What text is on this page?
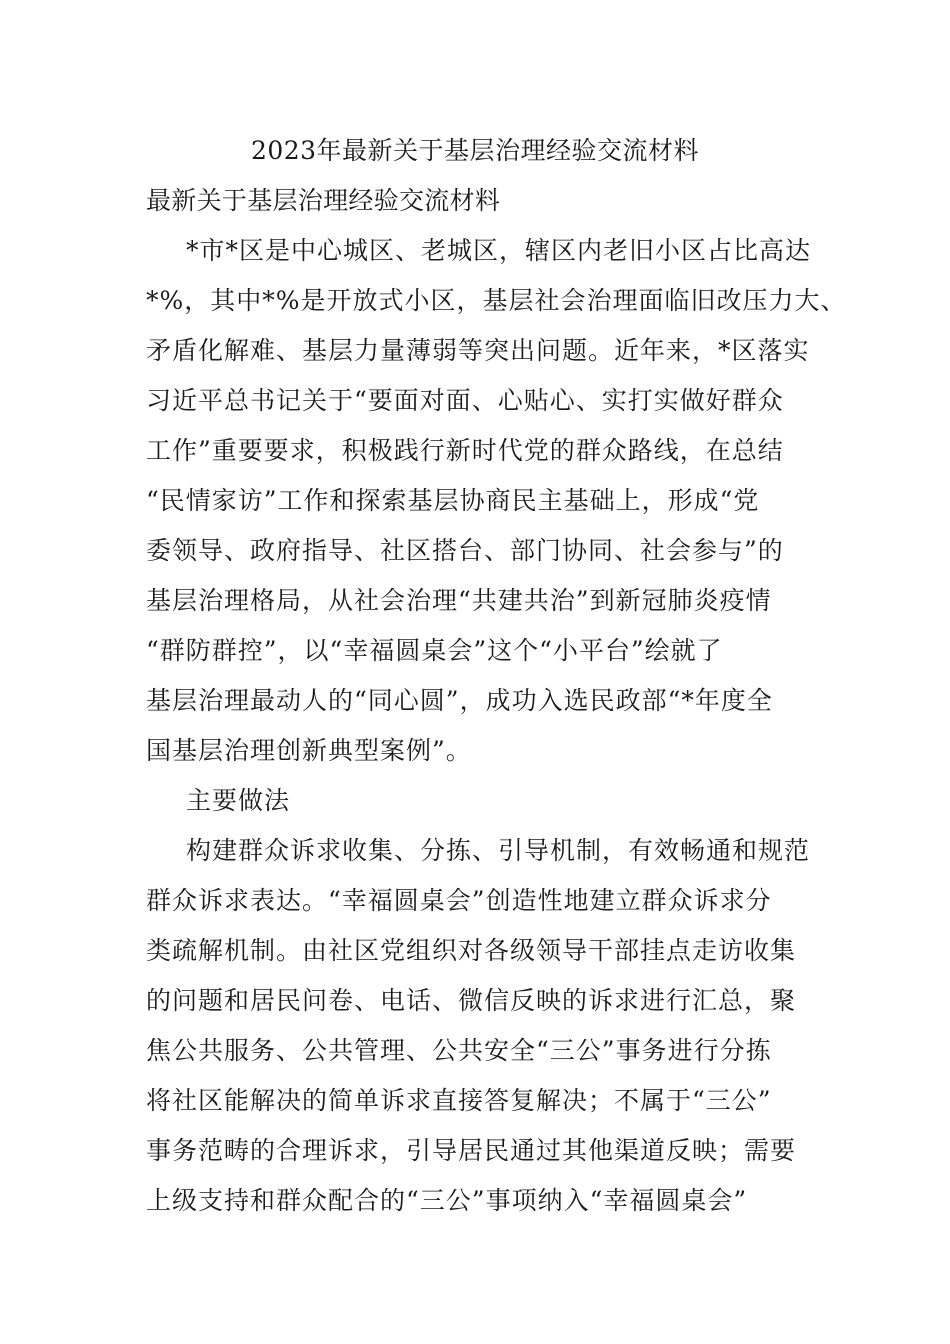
2023年最新关于基层治理经验交流材料
最新关于基层治理经验交流材料

*市*区是中心城区、老城区，辖区内老旧小区占比高达

*%，其中*%是开放式小区，基层社会治理面临旧改压力大、

矛盾化解难、基层力量薄弱等突出问题。近年来，*区落实

习近平总书记关于“要面对面、心贴心、实打实做好群众

工作”重要要求，积极践行新时代党的群众路线，在总结

“民情家访”工作和探索基层协商民主基础上，形成“党

委领导、政府指导、社区搭台、部门协同、社会参与”的

基层治理格局，从社会治理“共建共治”到新冠肺炎疫情

“群防群控”，以“幸福圆桌会”这个“小平台”绘就了

基层治理最动人的“同心圆”，成功入选民政部“*年度全

国基层治理创新典型案例”。

主要做法

构建群众诉求收集、分拣、引导机制，有效畅通和规范

群众诉求表达。“幸福圆桌会”创造性地建立群众诉求分

类疏解机制。由社区党组织对各级领导干部挂点走访收集

的问题和居民问卷、电话、微信反映的诉求进行汇总，聚

焦公共服务、公共管理、公共安全“三公”事务进行分拣

将社区能解决的简单诉求直接答复解决；不属于“三公”

事务范畴的合理诉求，引导居民通过其他渠道反映；需要

上级支持和群众配合的“三公”事项纳入“幸福圆桌会”
